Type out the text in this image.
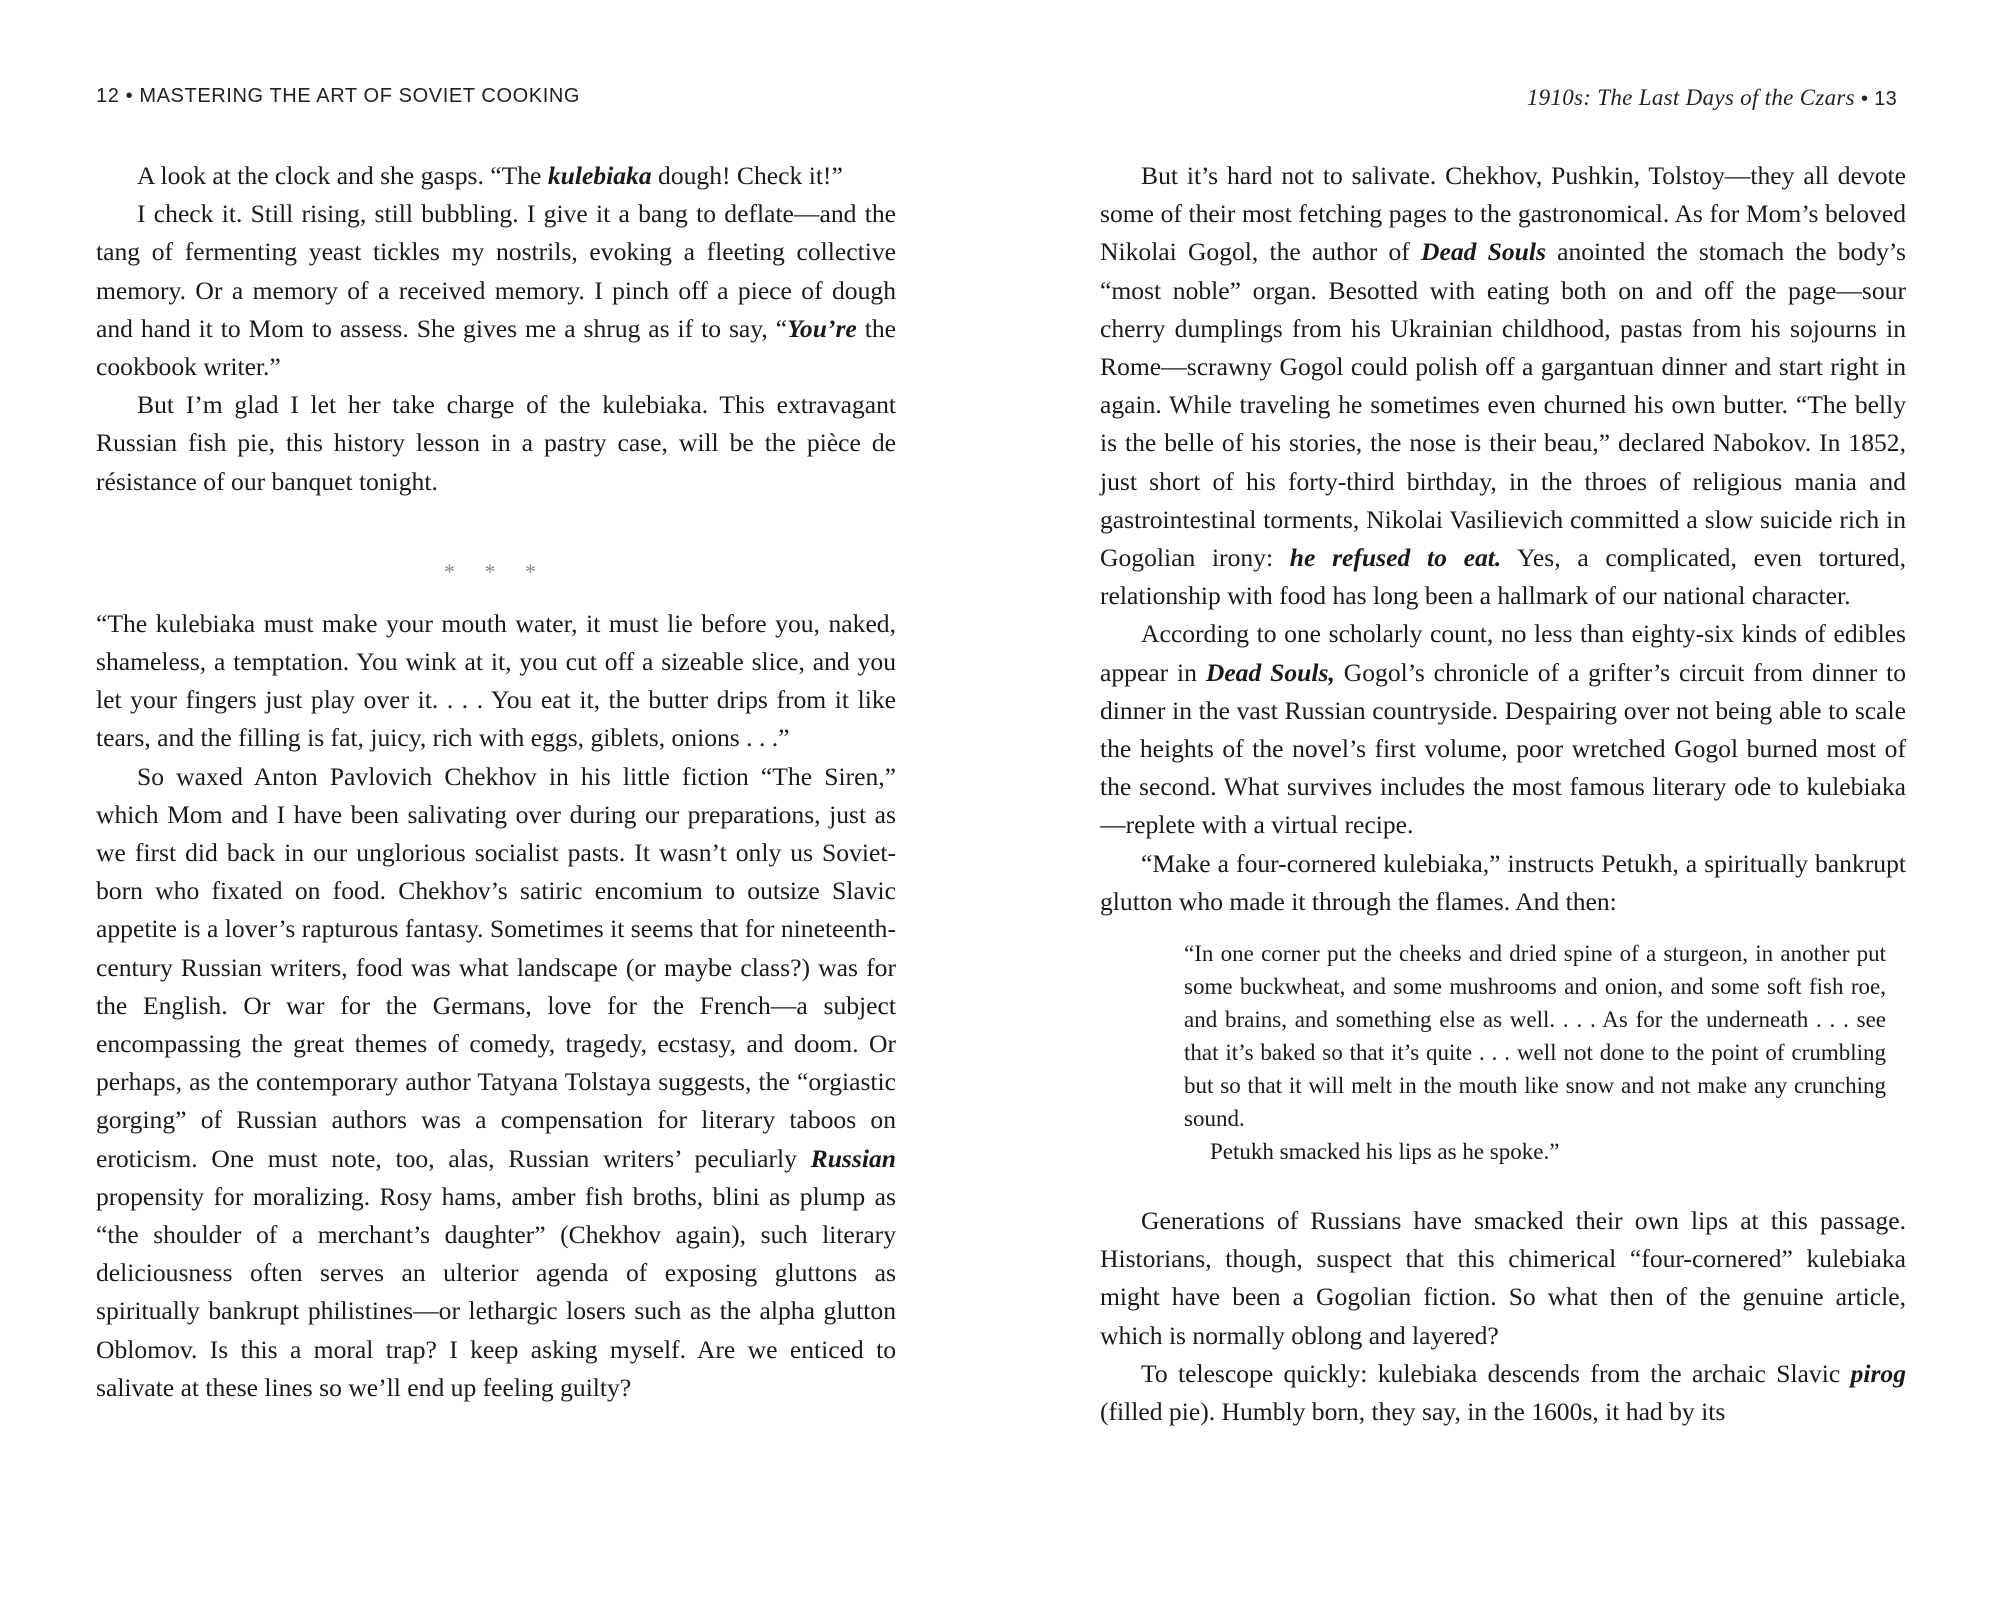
12 • MASTERING THE ART OF SOVIET COOKING

A look at the clock and she gasps. “The kulebiaka dough! Check it!”

I check it. Still rising, still bubbling. I give it a bang to deflate—and the tang of fermenting yeast tickles my nostrils, evoking a fleeting collective memory. Or a memory of a received memory. I pinch off a piece of dough and hand it to Mom to assess. She gives me a shrug as if to say, “You’re the cookbook writer.”

But I’m glad I let her take charge of the kulebiaka. This extravagant Russian fish pie, this history lesson in a pastry case, will be the pièce de résistance of our banquet tonight.

* * *

“The kulebiaka must make your mouth water, it must lie before you, naked, shameless, a temptation. You wink at it, you cut off a sizeable slice, and you let your fingers just play over it. . . . You eat it, the butter drips from it like tears, and the filling is fat, juicy, rich with eggs, giblets, onions . . .”

So waxed Anton Pavlovich Chekhov in his little fiction “The Siren,” which Mom and I have been salivating over during our preparations, just as we first did back in our unglorious socialist pasts. It wasn’t only us Soviet-born who fixated on food. Chekhov’s satiric encomium to outsize Slavic appetite is a lover’s rapturous fantasy. Sometimes it seems that for nineteenth-century Russian writers, food was what landscape (or maybe class?) was for the English. Or war for the Germans, love for the French—a subject encompassing the great themes of comedy, tragedy, ecstasy, and doom. Or perhaps, as the contemporary author Tatyana Tolstaya suggests, the “orgiastic gorging” of Russian authors was a compensation for literary taboos on eroticism. One must note, too, alas, Russian writers’ peculiarly Russian propensity for moralizing. Rosy hams, amber fish broths, blini as plump as “the shoulder of a merchant’s daughter” (Chekhov again), such literary deliciousness often serves an ulterior agenda of exposing gluttons as spiritually bankrupt philistines—or lethargic losers such as the alpha glutton Oblomov. Is this a moral trap? I keep asking myself. Are we enticed to salivate at these lines so we’ll end up feeling guilty?

1910s: The Last Days of the Czars • 13

But it’s hard not to salivate. Chekhov, Pushkin, Tolstoy—they all devote some of their most fetching pages to the gastronomical. As for Mom’s beloved Nikolai Gogol, the author of Dead Souls anointed the stomach the body’s “most noble” organ. Besotted with eating both on and off the page—sour cherry dumplings from his Ukrainian childhood, pastas from his sojourns in Rome—scrawny Gogol could polish off a gargantuan dinner and start right in again. While traveling he sometimes even churned his own butter. “The belly is the belle of his stories, the nose is their beau,” declared Nabokov. In 1852, just short of his forty-third birthday, in the throes of religious mania and gastrointestinal torments, Nikolai Vasilievich committed a slow suicide rich in Gogolian irony: he refused to eat. Yes, a complicated, even tortured, relationship with food has long been a hallmark of our national character.

According to one scholarly count, no less than eighty-six kinds of edibles appear in Dead Souls, Gogol’s chronicle of a grifter’s circuit from dinner to dinner in the vast Russian countryside. Despairing over not being able to scale the heights of the novel’s first volume, poor wretched Gogol burned most of the second. What survives includes the most famous literary ode to kulebiaka—replete with a virtual recipe.

“Make a four-cornered kulebiaka,” instructs Petukh, a spiritually bankrupt glutton who made it through the flames. And then:

“In one corner put the cheeks and dried spine of a sturgeon, in another put some buckwheat, and some mushrooms and onion, and some soft fish roe, and brains, and something else as well. . . . As for the underneath . . . see that it’s baked so that it’s quite . . . well not done to the point of crumbling but so that it will melt in the mouth like snow and not make any crunching sound.

Petukh smacked his lips as he spoke.”

Generations of Russians have smacked their own lips at this passage. Historians, though, suspect that this chimerical “four-cornered” kulebiaka might have been a Gogolian fiction. So what then of the genuine article, which is normally oblong and layered?

To telescope quickly: kulebiaka descends from the archaic Slavic pirog (filled pie). Humbly born, they say, in the 1600s, it had by its
